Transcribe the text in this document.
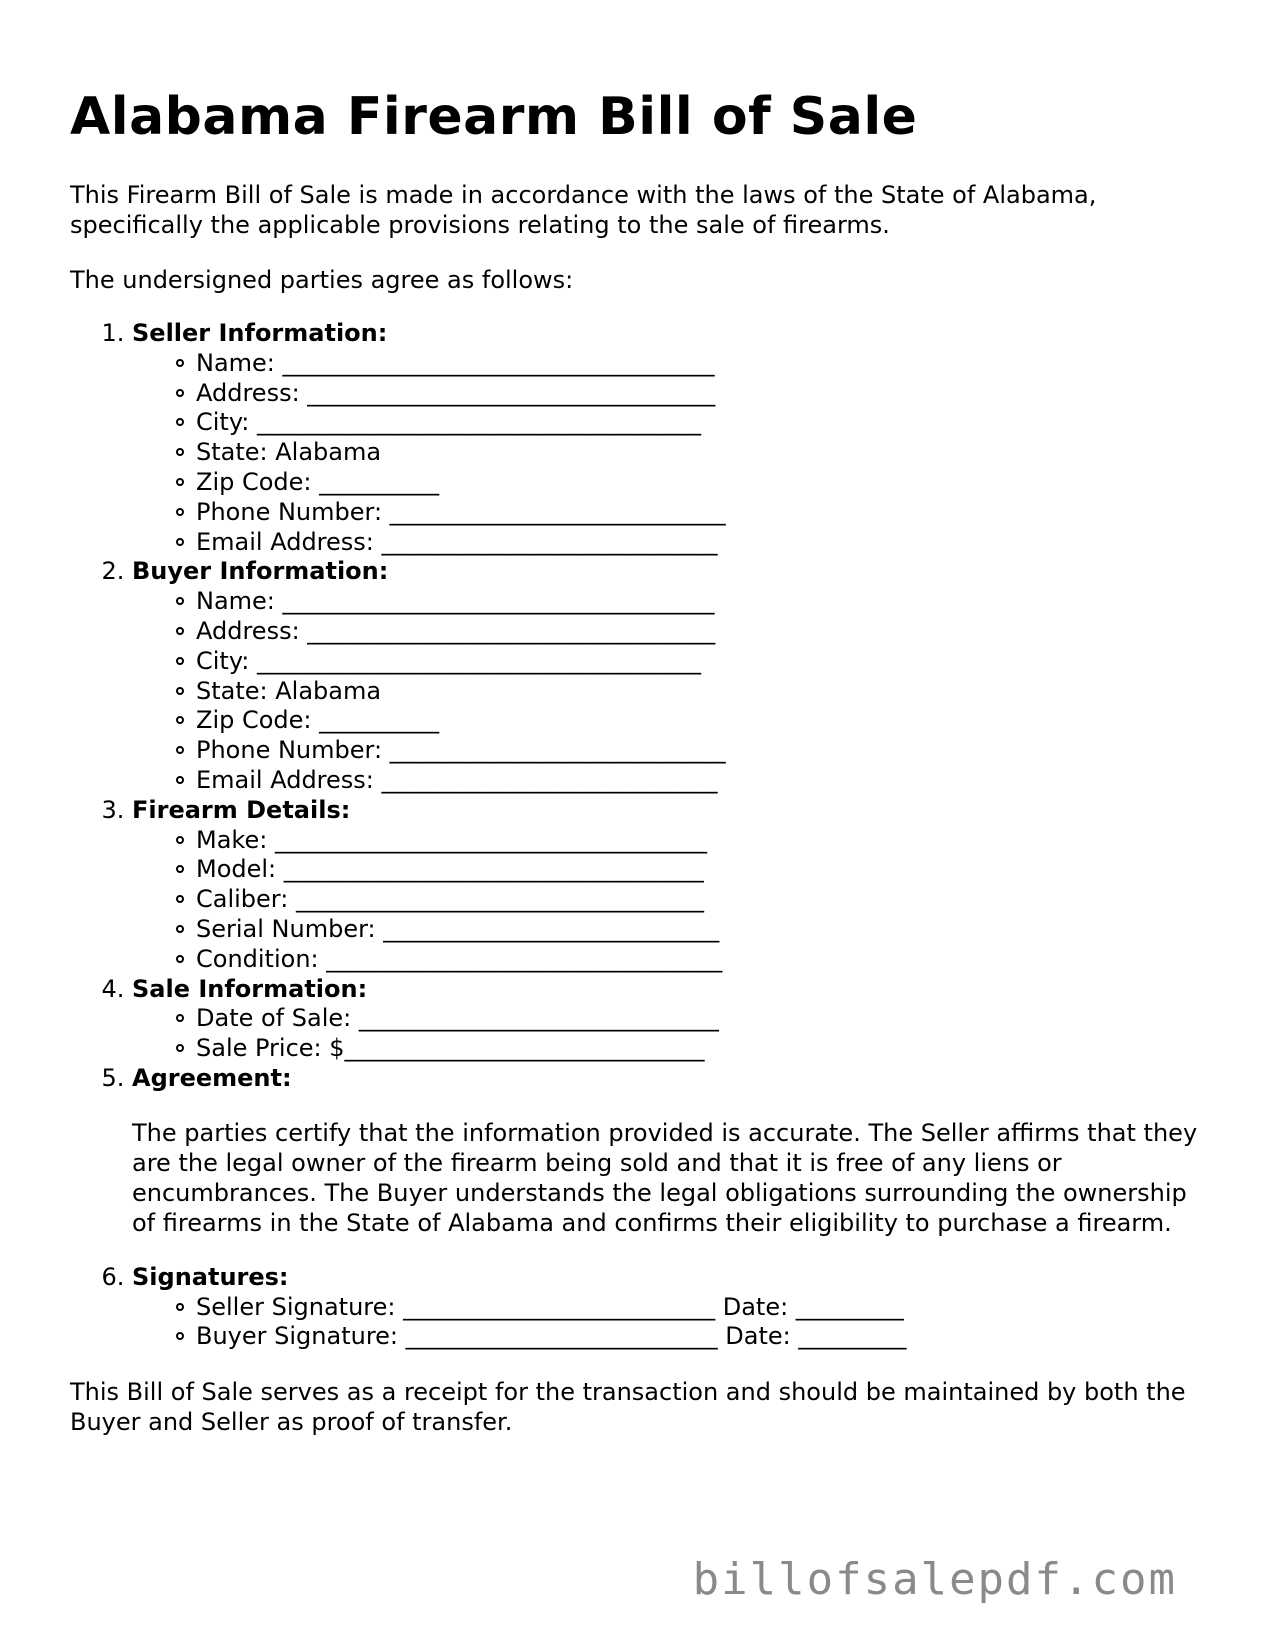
Alabama Firearm Bill of Sale

This Firearm Bill of Sale is made in accordance with the laws of the State of Alabama, specifically the applicable provisions relating to the sale of firearms.

The undersigned parties agree as follows:

1. Seller Information:
Name: ____________________________________
Address: __________________________________
City: _____________________________________
State: Alabama
Zip Code: __________
Phone Number: ____________________________
Email Address: ____________________________
2. Buyer Information:
Name: ____________________________________
Address: __________________________________
City: _____________________________________
State: Alabama
Zip Code: __________
Phone Number: ____________________________
Email Address: ____________________________
3. Firearm Details:
Make: ____________________________________
Model: ___________________________________
Caliber: __________________________________
Serial Number: ____________________________
Condition: _________________________________
4. Sale Information:
Date of Sale: ______________________________
Sale Price: $______________________________
5. Agreement:

The parties certify that the information provided is accurate. The Seller affirms that they are the legal owner of the firearm being sold and that it is free of any liens or encumbrances. The Buyer understands the legal obligations surrounding the ownership of firearms in the State of Alabama and confirms their eligibility to purchase a firearm.

6. Signatures:
Seller Signature: __________________________ Date: _________
Buyer Signature: __________________________ Date: _________

This Bill of Sale serves as a receipt for the transaction and should be maintained by both the Buyer and Seller as proof of transfer.

billofsalepdf.com
